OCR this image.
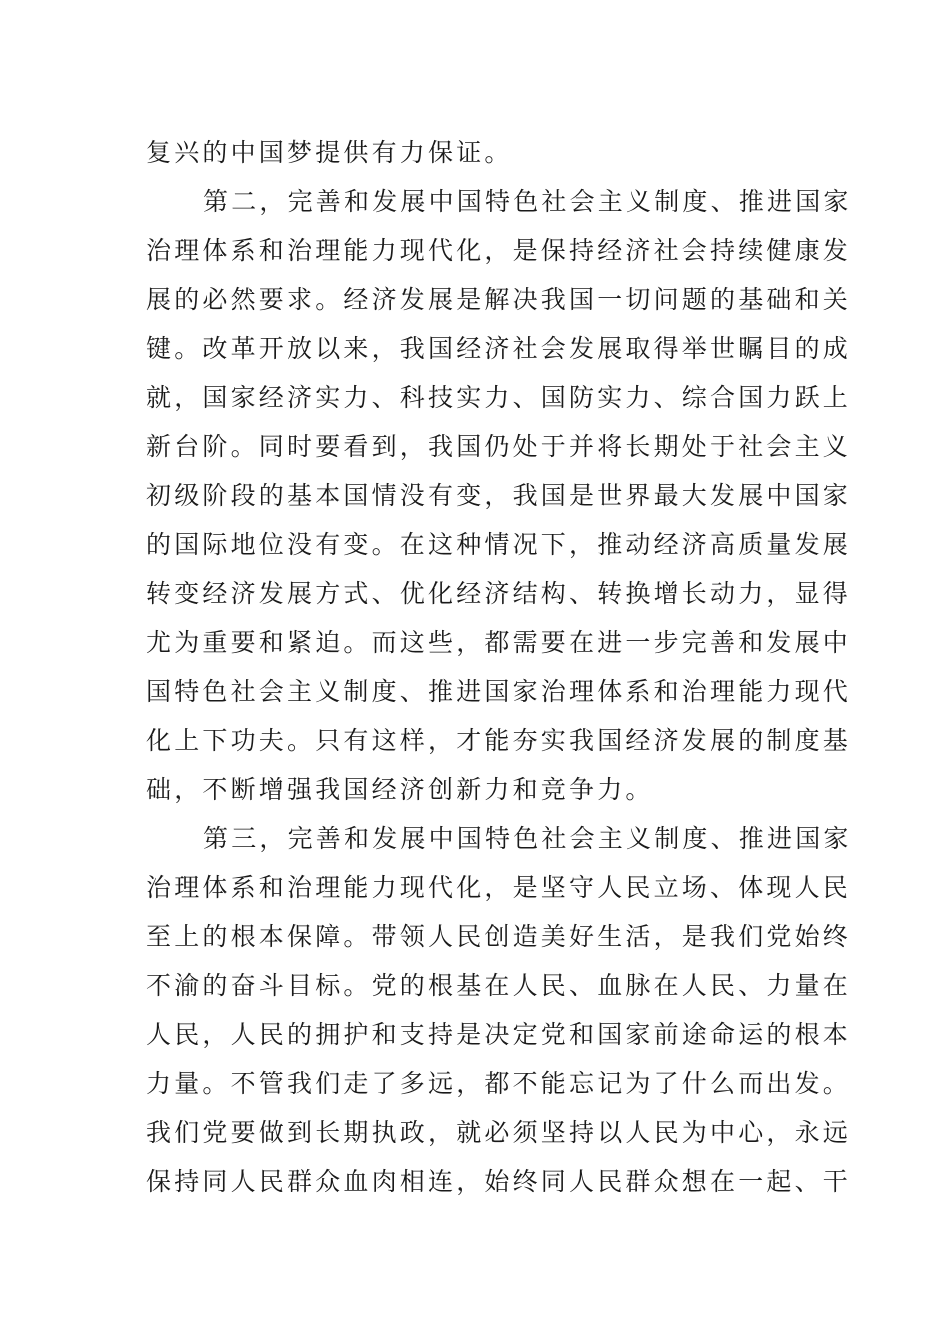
复兴的中国梦提供有力保证。
第二，完善和发展中国特色社会主义制度、推进国家
治理体系和治理能力现代化，是保持经济社会持续健康发
展的必然要求。经济发展是解决我国一切问题的基础和关
键。改革开放以来，我国经济社会发展取得举世瞩目的成
就，国家经济实力、科技实力、国防实力、综合国力跃上
新台阶。同时要看到，我国仍处于并将长期处于社会主义
初级阶段的基本国情没有变，我国是世界最大发展中国家
的国际地位没有变。在这种情况下，推动经济高质量发展
转变经济发展方式、优化经济结构、转换增长动力，显得
尤为重要和紧迫。而这些，都需要在进一步完善和发展中
国特色社会主义制度、推进国家治理体系和治理能力现代
化上下功夫。只有这样，才能夯实我国经济发展的制度基
础，不断增强我国经济创新力和竞争力。
第三，完善和发展中国特色社会主义制度、推进国家
治理体系和治理能力现代化，是坚守人民立场、体现人民
至上的根本保障。带领人民创造美好生活，是我们党始终
不渝的奋斗目标。党的根基在人民、血脉在人民、力量在
人民，人民的拥护和支持是决定党和国家前途命运的根本
力量。不管我们走了多远，都不能忘记为了什么而出发。
我们党要做到长期执政，就必须坚持以人民为中心，永远
保持同人民群众血肉相连，始终同人民群众想在一起、干
